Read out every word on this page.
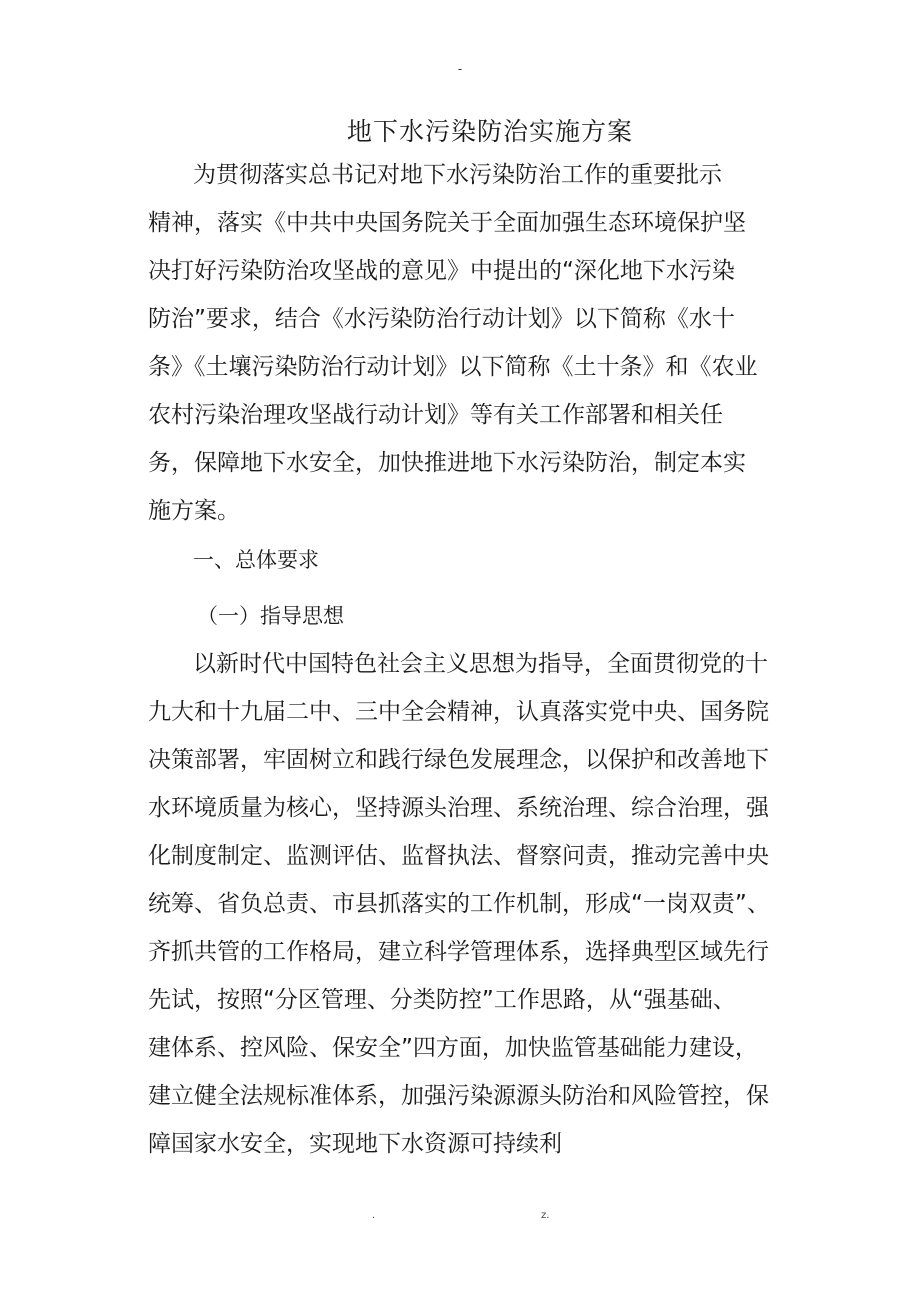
-
地下水污染防治实施方案
为贯彻落实总书记对地下水污染防治工作的重要批示
精神，落实《中共中央国务院关于全面加强生态环境保护坚
决打好污染防治攻坚战的意见》中提出的“深化地下水污染
防治”要求，结合《水污染防治行动计划》以下简称《水十
条》《土壤污染防治行动计划》以下简称《土十条》和《农业
农村污染治理攻坚战行动计划》等有关工作部署和相关任
务，保障地下水安全，加快推进地下水污染防治，制定本实
施方案。
一、总体要求
（一）指导思想
以新时代中国特色社会主义思想为指导，全面贯彻党的十
九大和十九届二中、三中全会精神，认真落实党中央、国务院
决策部署，牢固树立和践行绿色发展理念，以保护和改善地下
水环境质量为核心，坚持源头治理、系统治理、综合治理，强
化制度制定、监测评估、监督执法、督察问责，推动完善中央
统筹、省负总责、市县抓落实的工作机制，形成“一岗双责”、
齐抓共管的工作格局，建立科学管理体系，选择典型区域先行
先试，按照“分区管理、分类防控”工作思路，从“强基础、
建体系、控风险、保安全”四方面，加快监管基础能力建设，
建立健全法规标准体系，加强污染源源头防治和风险管控，保
障国家水安全，实现地下水资源可持续利
.	z.
